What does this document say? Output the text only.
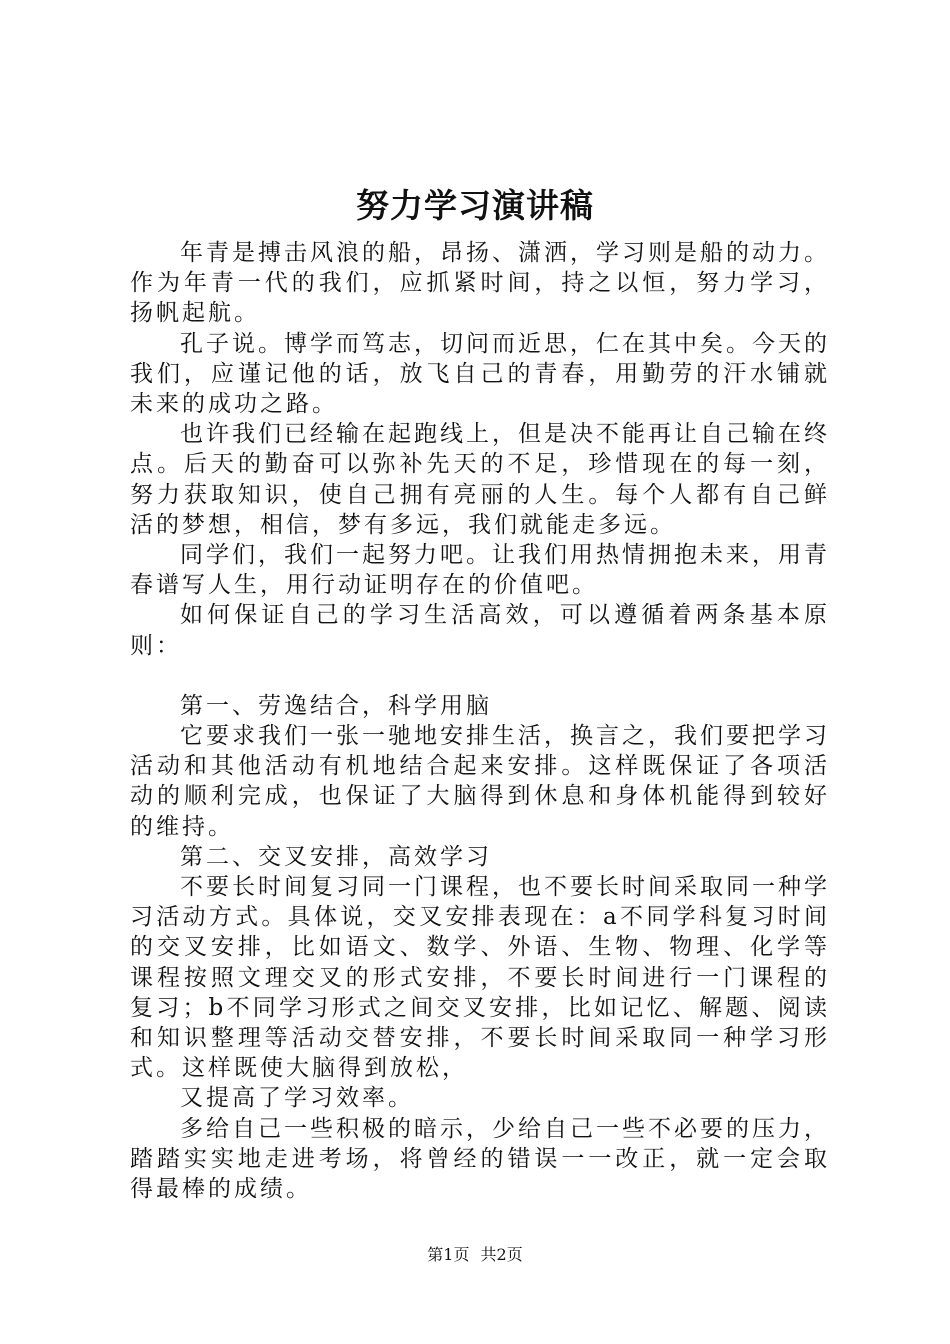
努力学习演讲稿

年青是搏击风浪的船，昂扬、潇洒，学习则是船的动力。作为年青一代的我们，应抓紧时间，持之以恒，努力学习，扬帆起航。

孔子说。博学而笃志，切问而近思，仁在其中矣。今天的我们，应谨记他的话，放飞自己的青春，用勤劳的汗水铺就未来的成功之路。

也许我们已经输在起跑线上，但是决不能再让自己输在终点。后天的勤奋可以弥补先天的不足，珍惜现在的每一刻，努力获取知识，使自己拥有亮丽的人生。每个人都有自己鲜活的梦想，相信，梦有多远，我们就能走多远。

同学们，我们一起努力吧。让我们用热情拥抱未来，用青春谱写人生，用行动证明存在的价值吧。

如何保证自己的学习生活高效，可以遵循着两条基本原则：

第一、劳逸结合，科学用脑

它要求我们一张一驰地安排生活，换言之，我们要把学习活动和其他活动有机地结合起来安排。这样既保证了各项活动的顺利完成，也保证了大脑得到休息和身体机能得到较好的维持。

第二、交叉安排，高效学习

不要长时间复习同一门课程，也不要长时间采取同一种学习活动方式。具体说，交叉安排表现在：a不同学科复习时间的交叉安排，比如语文、数学、外语、生物、物理、化学等课程按照文理交叉的形式安排，不要长时间进行一门课程的复习；b不同学习形式之间交叉安排，比如记忆、解题、阅读和知识整理等活动交替安排，不要长时间采取同一种学习形式。这样既使大脑得到放松，

又提高了学习效率。

多给自己一些积极的暗示，少给自己一些不必要的压力，踏踏实实地走进考场，将曾经的错误一一改正，就一定会取得最棒的成绩。

第1页 共2页
